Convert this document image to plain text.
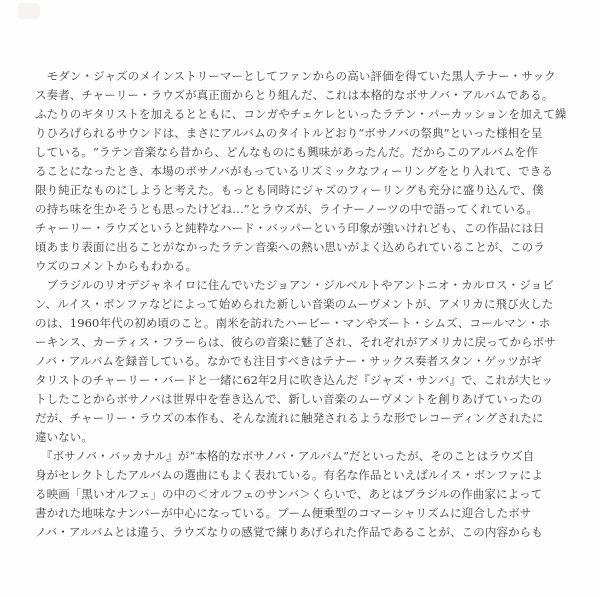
　モダン・ジャズのメインストリーマーとしてファンからの高い評価を得ていた黒人テナー・サック
ス奏者、チャーリー・ラウズが真正面からとり組んだ、これは本格的なボサノバ・アルバムである。
ふたりのギタリストを加えるとともに、コンガやチェケレといったラテン・パーカッションを加えて繰
りひろげられるサウンドは、まさにアルバムのタイトルどおり“ボサノバの祭典”といった様相を呈
している。“ラテン音楽なら昔から、どんなものにも興味があったんだ。だからこのアルバムを作
ることになったとき、本場のボサノバがもっているリズミックなフィーリングをとり入れて、できる
限り純正なものにしようと考えた。もっとも同時にジャズのフィーリングも充分に盛り込んで、僕
の持ち味を生かそうとも思ったけどね…”とラウズが、ライナーノーツの中で語ってくれている。
チャーリー・ラウズというと純粋なハード・バッパーという印象が強いけれども、この作品には日
頃あまり表面に出ることがなかったラテン音楽への熱い思いがよく込められていることが、このラ
ウズのコメントからもわかる。
　ブラジルのリオデジャネイロに住んでいたジョアン・ジルベルトやアントニオ・カルロス・ジョビ
ン、ルイス・ボンファなどによって始められた新しい音楽のムーヴメントが、アメリカに飛び火した
のは、1960年代の初め頃のこと。南米を訪れたハービー・マンやズート・シムズ、コールマン・ホ
ーキンス、カーティス・フラーらは、彼らの音楽に魅了され、それぞれがアメリカに戻ってからボサ
ノバ・アルバムを録音している。なかでも注目すべきはテナー・サックス奏者スタン・ゲッツがギ
タリストのチャーリー・バードと一緒に62年2月に吹き込んだ『ジャズ・サンバ』で、これが大ヒッ
トしたことからボサノバは世界中を巻き込んで、新しい音楽のムーヴメントを創りあげていったの
だが、チャーリー・ラウズの本作も、そんな流れに触発されるような形でレコーディングされたに
違いない。
　『ボサノバ・バッカナル』が“本格的なボサノバ・アルバム”だといったが、そのことはラウズ自
身がセレクトしたアルバムの選曲にもよく表れている。有名な作品といえばルイス・ボンファによ
る映画「黒いオルフェ」の中の＜オルフェのサンバ＞くらいで、あとはブラジルの作曲家によって
書かれた地味なナンバーが中心になっている。ブーム便乗型のコマーシャリズムに迎合したボサ
ノバ・アルバムとは違う、ラウズなりの感覚で練りあげられた作品であることが、この内容からも
